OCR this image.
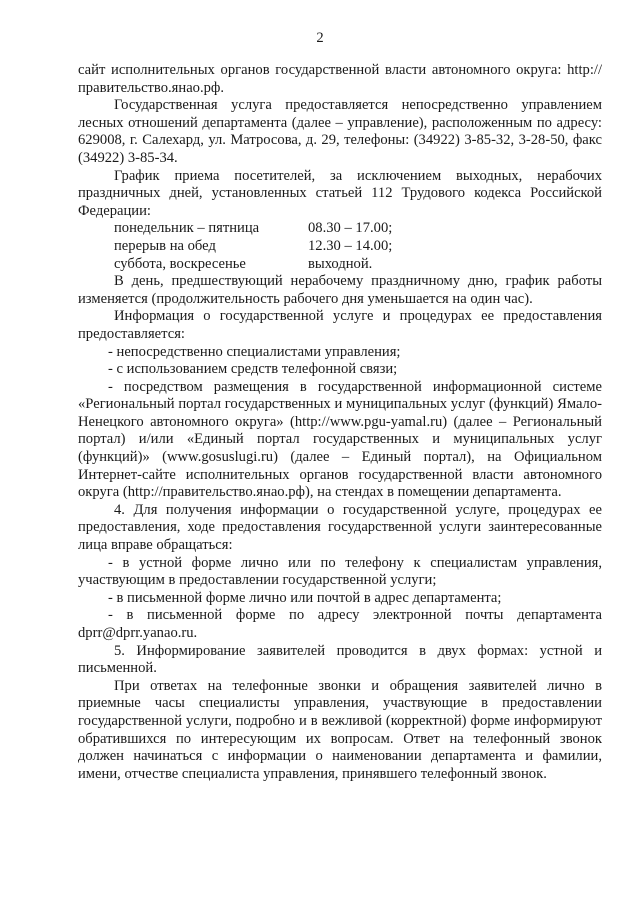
2

сайт исполнительных органов государственной власти автономного округа: http://правительство.янао.рф.

Государственная услуга предоставляется непосредственно управлением лесных отношений департамента (далее – управление), расположенным по адресу: 629008, г. Салехард, ул. Матросова, д. 29, телефоны: (34922) 3-85-32, 3-28-50, факс (34922) 3-85-34.

График приема посетителей, за исключением выходных, нерабочих праздничных дней, установленных статьей 112 Трудового кодекса Российской Федерации:

понедельник – пятница	08.30 – 17.00;
перерыв на обед	12.30 – 14.00;
суббота, воскресенье	выходной.

В день, предшествующий нерабочему праздничному дню, график работы изменяется (продолжительность рабочего дня уменьшается на один час).

Информация о государственной услуге и процедурах ее предоставления предоставляется:

- непосредственно специалистами управления;

- с использованием средств телефонной связи;

- посредством размещения в государственной информационной системе «Региональный портал государственных и муниципальных услуг (функций) Ямало-Ненецкого автономного округа» (http://www.pgu-yamal.ru) (далее – Региональный портал) и/или «Единый портал государственных и муниципальных услуг (функций)» (www.gosuslugi.ru) (далее – Единый портал), на Официальном Интернет-сайте исполнительных органов государственной власти автономного округа (http://правительство.янао.рф), на стендах в помещении департамента.

4. Для получения информации о государственной услуге, процедурах ее предоставления, ходе предоставления государственной услуги заинтересованные лица вправе обращаться:

- в устной форме лично или по телефону к специалистам управления, участвующим в предоставлении государственной услуги;

- в письменной форме лично или почтой в адрес департамента;

- в письменной форме по адресу электронной почты департамента dprr@dprr.yanao.ru.

5. Информирование заявителей проводится в двух формах: устной и письменной.

При ответах на телефонные звонки и обращения заявителей лично в приемные часы специалисты управления, участвующие в предоставлении государственной услуги, подробно и в вежливой (корректной) форме информируют обратившихся по интересующим их вопросам. Ответ на телефонный звонок должен начинаться с информации о наименовании департамента и фамилии, имени, отчестве специалиста управления, принявшего телефонный звонок.
